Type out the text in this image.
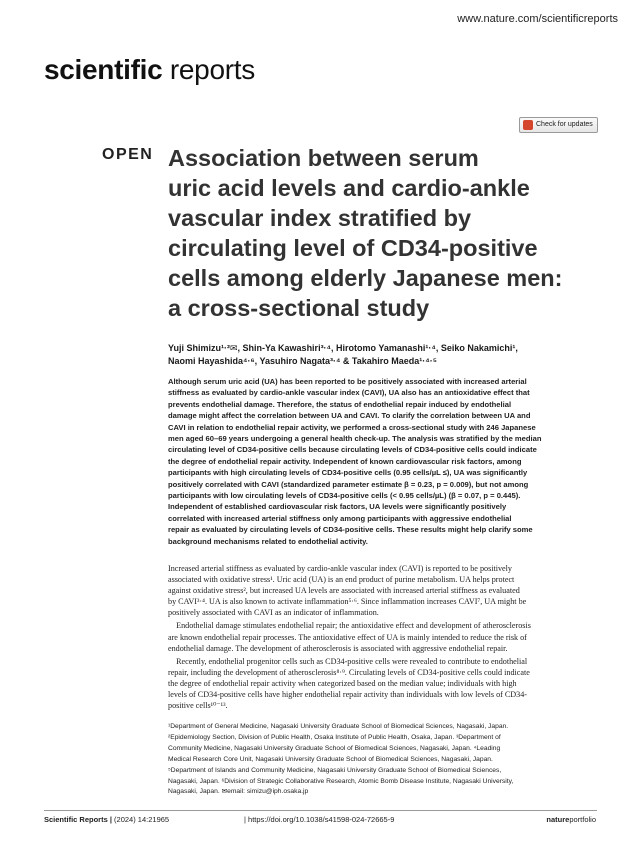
www.nature.com/scientificreports
scientific reports
Check for updates
OPEN Association between serum
uric acid levels and cardio-ankle
vascular index stratified by
circulating level of CD34-positive
cells among elderly Japanese men:
a cross-sectional study
Yuji Shimizu¹·²✉, Shin-Ya Kawashiri³·⁴, Hirotomo Yamanashi¹·⁴, Seiko Nakamichi¹,
Naomi Hayashida⁴·⁶, Yasuhiro Nagata³·⁴ & Takahiro Maeda¹·⁴·⁵

Although serum uric acid (UA) has been reported to be positively associated with increased arterial
stiffness as evaluated by cardio-ankle vascular index (CAVI), UA also has an antioxidative effect that
prevents endothelial damage. Therefore, the status of endothelial repair induced by endothelial
damage might affect the correlation between UA and CAVI. To clarify the correlation between UA and
CAVI in relation to endothelial repair activity, we performed a cross-sectional study with 246 Japanese
men aged 60–69 years undergoing a general health check-up. The analysis was stratified by the median
circulating level of CD34-positive cells because circulating levels of CD34-positive cells could indicate
the degree of endothelial repair activity. Independent of known cardiovascular risk factors, among
participants with high circulating levels of CD34-positive cells (0.95 cells/µL ≤), UA was significantly
positively correlated with CAVI (standardized parameter estimate β = 0.23, p = 0.009), but not among
participants with low circulating levels of CD34-positive cells (< 0.95 cells/µL) (β = 0.07, p = 0.445).
Independent of established cardiovascular risk factors, UA levels were significantly positively
correlated with increased arterial stiffness only among participants with aggressive endothelial
repair as evaluated by circulating levels of CD34-positive cells. These results might help clarify some
background mechanisms related to endothelial activity.

Increased arterial stiffness as evaluated by cardio-ankle vascular index (CAVI) is reported to be positively
associated with oxidative stress¹. Uric acid (UA) is an end product of purine metabolism. UA helps protect
against oxidative stress², but increased UA levels are associated with increased arterial stiffness as evaluated
by CAVI³·⁴. UA is also known to activate inflammation⁵·⁶. Since inflammation increases CAVI⁷, UA might be
positively associated with CAVI as an indicator of inflammation.
Endothelial damage stimulates endothelial repair; the antioxidative effect and development of atherosclerosis
are known endothelial repair processes. The antioxidative effect of UA is mainly intended to reduce the risk of
endothelial damage. The development of atherosclerosis is associated with aggressive endothelial repair.
Recently, endothelial progenitor cells such as CD34-positive cells were revealed to contribute to endothelial
repair, including the development of atherosclerosis⁸·⁹. Circulating levels of CD34-positive cells could indicate
the degree of endothelial repair activity when categorized based on the median value; individuals with high
levels of CD34-positive cells have higher endothelial repair activity than individuals with low levels of CD34-
positive cells¹⁰⁻¹³.

¹Department of General Medicine, Nagasaki University Graduate School of Biomedical Sciences, Nagasaki, Japan.
²Epidemiology Section, Division of Public Health, Osaka Institute of Public Health, Osaka, Japan. ³Department of
Community Medicine, Nagasaki University Graduate School of Biomedical Sciences, Nagasaki, Japan. ⁴Leading
Medical Research Core Unit, Nagasaki University Graduate School of Biomedical Sciences, Nagasaki, Japan.
⁵Department of Islands and Community Medicine, Nagasaki University Graduate School of Biomedical Sciences,
Nagasaki, Japan. ⁶Division of Strategic Collaborative Research, Atomic Bomb Disease Institute, Nagasaki University,
Nagasaki, Japan. ✉email: simizu@iph.osaka.jp

Scientific Reports | (2024) 14:21965	| https://doi.org/10.1038/s41598-024-72665-9	natureportfolio
